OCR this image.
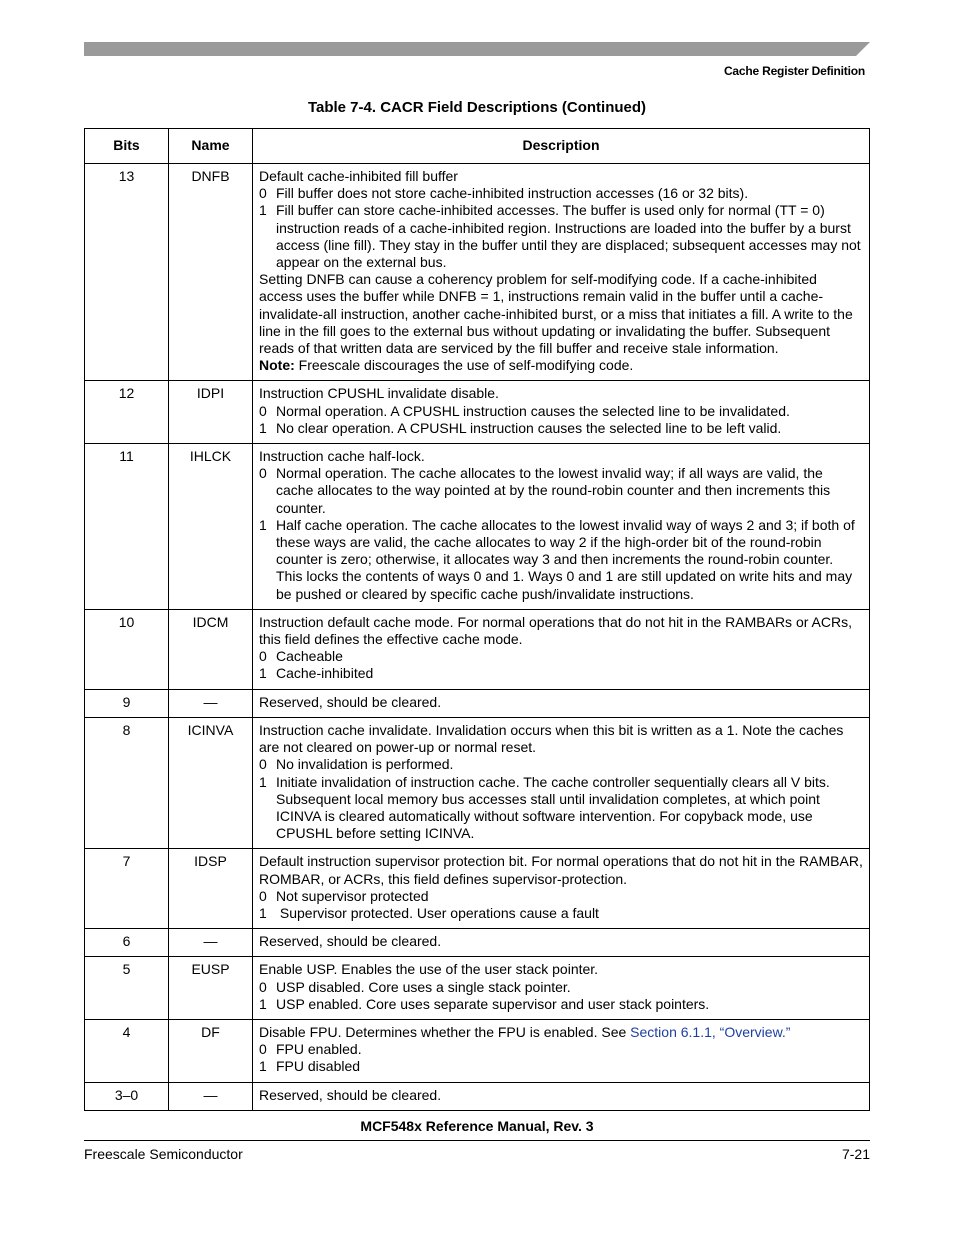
Cache Register Definition
Table 7-4. CACR Field Descriptions (Continued)
Bits	Name	Description
13	DNFB	Default cache-inhibited fill buffer
0 Fill buffer does not store cache-inhibited instruction accesses (16 or 32 bits).
1 Fill buffer can store cache-inhibited accesses. The buffer is used only for normal (TT = 0) instruction reads of a cache-inhibited region. Instructions are loaded into the buffer by a burst access (line fill). They stay in the buffer until they are displaced; subsequent accesses may not appear on the external bus.
Setting DNFB can cause a coherency problem for self-modifying code. If a cache-inhibited access uses the buffer while DNFB = 1, instructions remain valid in the buffer until a cache-invalidate-all instruction, another cache-inhibited burst, or a miss that initiates a fill. A write to the line in the fill goes to the external bus without updating or invalidating the buffer. Subsequent reads of that written data are serviced by the fill buffer and receive stale information.
Note: Freescale discourages the use of self-modifying code.

12	IDPI	Instruction CPUSHL invalidate disable.
0 Normal operation. A CPUSHL instruction causes the selected line to be invalidated.
1 No clear operation. A CPUSHL instruction causes the selected line to be left valid.

11	IHLCK	Instruction cache half-lock.
0 Normal operation. The cache allocates to the lowest invalid way; if all ways are valid, the cache allocates to the way pointed at by the round-robin counter and then increments this counter.
1 Half cache operation. The cache allocates to the lowest invalid way of ways 2 and 3; if both of these ways are valid, the cache allocates to way 2 if the high-order bit of the round-robin counter is zero; otherwise, it allocates way 3 and then increments the round-robin counter. This locks the contents of ways 0 and 1. Ways 0 and 1 are still updated on write hits and may be pushed or cleared by specific cache push/invalidate instructions.

10	IDCM	Instruction default cache mode. For normal operations that do not hit in the RAMBARs or ACRs, this field defines the effective cache mode.
0 Cacheable
1 Cache-inhibited

9	—	Reserved, should be cleared.

8	ICINVA	Instruction cache invalidate. Invalidation occurs when this bit is written as a 1. Note the caches are not cleared on power-up or normal reset.
0 No invalidation is performed.
1 Initiate invalidation of instruction cache. The cache controller sequentially clears all V bits. Subsequent local memory bus accesses stall until invalidation completes, at which point ICINVA is cleared automatically without software intervention. For copyback mode, use CPUSHL before setting ICINVA.

7	IDSP	Default instruction supervisor protection bit. For normal operations that do not hit in the RAMBAR, ROMBAR, or ACRs, this field defines supervisor-protection.
0 Not supervisor protected
1 Supervisor protected. User operations cause a fault

6	—	Reserved, should be cleared.

5	EUSP	Enable USP. Enables the use of the user stack pointer.
0 USP disabled. Core uses a single stack pointer.
1 USP enabled. Core uses separate supervisor and user stack pointers.

4	DF	Disable FPU. Determines whether the FPU is enabled. See Section 6.1.1, “Overview.”
0 FPU enabled.
1 FPU disabled

3–0	—	Reserved, should be cleared.
MCF548x Reference Manual, Rev. 3
Freescale Semiconductor	7-21
